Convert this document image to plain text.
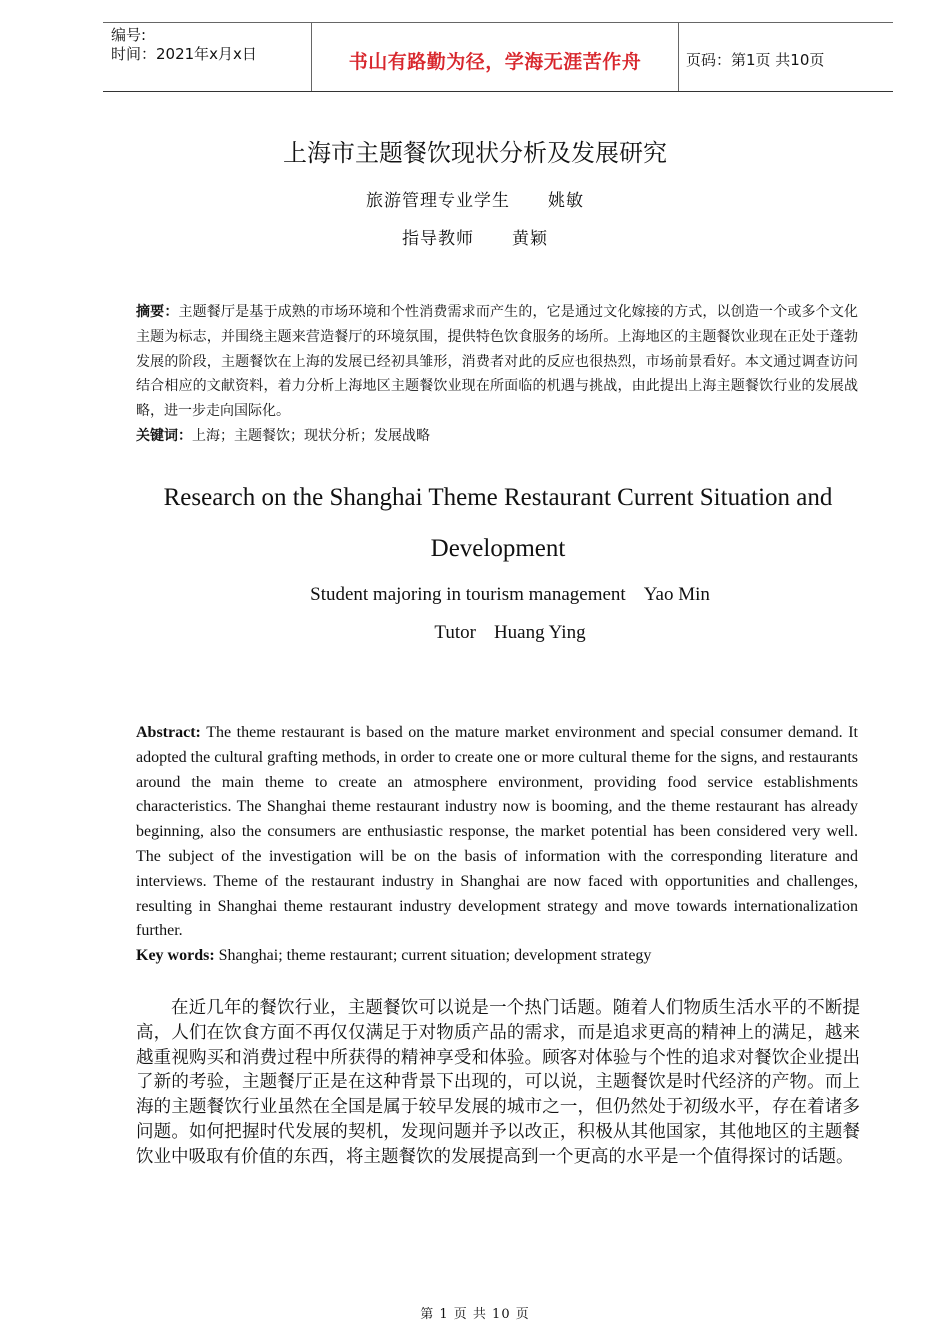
编号:
时间：2021年x月x日	书山有路勤为径，学海无涯苦作舟	页码：第1页 共10页
上海市主题餐饮现状分析及发展研究
旅游管理专业学生 姚敏
指导教师 黄颖
摘要：主题餐厅是基于成熟的市场环境和个性消费需求而产生的，它是通过文化嫁接的方式，以创造一个或多个文化主题为标志，并围绕主题来营造餐厅的环境氛围，提供特色饮食服务的场所。上海地区的主题餐饮业现在正处于蓬勃发展的阶段，主题餐饮在上海的发展已经初具雏形，消费者对此的反应也很热烈，市场前景看好。本文通过调查访问结合相应的文献资料，着力分析上海地区主题餐饮业现在所面临的机遇与挑战，由此提出上海主题餐饮行业的发展战略，进一步走向国际化。
关键词：上海；主题餐饮；现状分析；发展战略
Research on the Shanghai Theme Restaurant Current Situation and Development
Student majoring in tourism management Yao Min
Tutor Huang Ying
Abstract: The theme restaurant is based on the mature market environment and special consumer demand. It adopted the cultural grafting methods, in order to create one or more cultural theme for the signs, and restaurants around the main theme to create an atmosphere environment, providing food service establishments characteristics. The Shanghai theme restaurant industry now is booming, and the theme restaurant has already beginning, also the consumers are enthusiastic response, the market potential has been considered very well. The subject of the investigation will be on the basis of information with the corresponding literature and interviews. Theme of the restaurant industry in Shanghai are now faced with opportunities and challenges, resulting in Shanghai theme restaurant industry development strategy and move towards internationalization further.
Key words: Shanghai; theme restaurant; current situation; development strategy

在近几年的餐饮行业，主题餐饮可以说是一个热门话题。随着人们物质生活水平的不断提高，人们在饮食方面不再仅仅满足于对物质产品的需求，而是追求更高的精神上的满足，越来越重视购买和消费过程中所获得的精神享受和体验。顾客对体验与个性的追求对餐饮企业提出了新的考验，主题餐厅正是在这种背景下出现的，可以说，主题餐饮是时代经济的产物。而上海的主题餐饮行业虽然在全国是属于较早发展的城市之一，但仍然处于初级水平，存在着诸多问题。如何把握时代发展的契机，发现问题并予以改正，积极从其他国家，其他地区的主题餐饮业中吸取有价值的东西，将主题餐饮的发展提高到一个更高的水平是一个值得探讨的话题。

第 1 页 共 10 页
